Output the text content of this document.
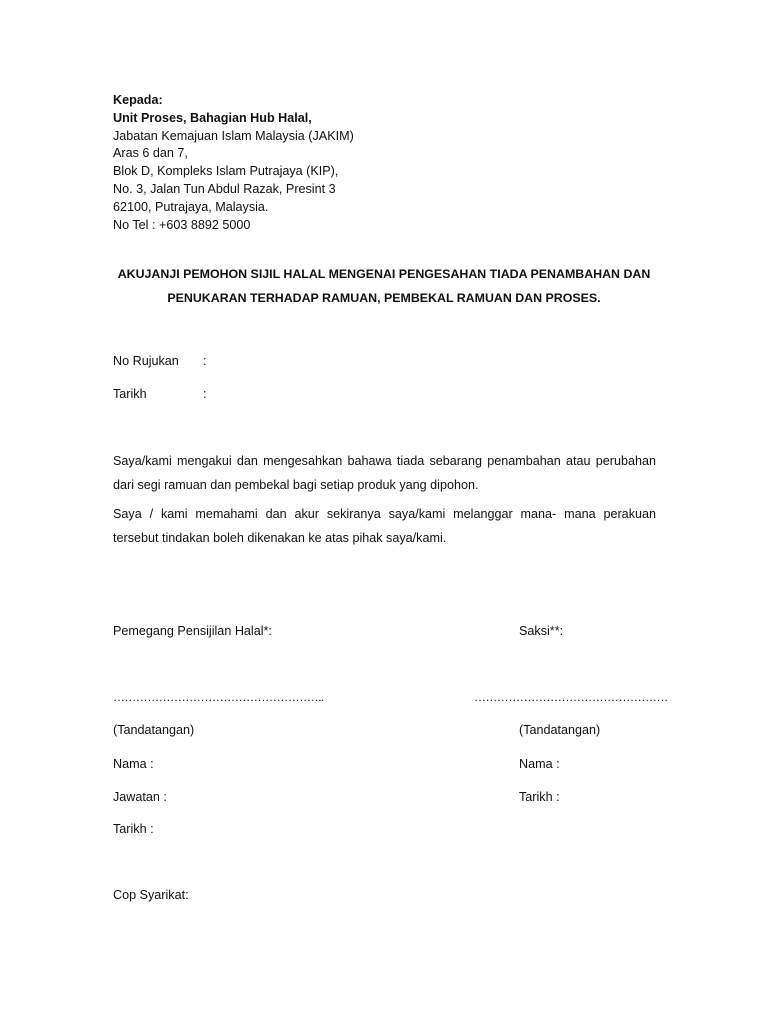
Kepada:
Unit Proses, Bahagian Hub Halal,
Jabatan Kemajuan Islam Malaysia (JAKIM)
Aras 6 dan 7,
Blok D, Kompleks Islam Putrajaya (KIP),
No. 3, Jalan Tun Abdul Razak, Presint 3
62100, Putrajaya, Malaysia.
No Tel : +603 8892 5000
AKUJANJI PEMOHON SIJIL HALAL MENGENAI PENGESAHAN TIADA PENAMBAHAN DAN
PENUKARAN TERHADAP RAMUAN, PEMBEKAL RAMUAN DAN PROSES.
No Rujukan :
Tarikh	:
Saya/kami mengakui dan mengesahkan bahawa tiada sebarang penambahan atau perubahan dari segi ramuan dan pembekal bagi setiap produk yang dipohon.
Saya / kami memahami dan akur sekiranya saya/kami melanggar mana- mana perakuan tersebut tindakan boleh dikenakan ke atas pihak saya/kami.
Pemegang Pensijilan Halal*:
………………………………………………..
(Tandatangan)
Nama :
Jawatan :
Tarikh :
Saksi**:
……………………………………………
(Tandatangan)
Nama :
Tarikh :
Cop Syarikat:
